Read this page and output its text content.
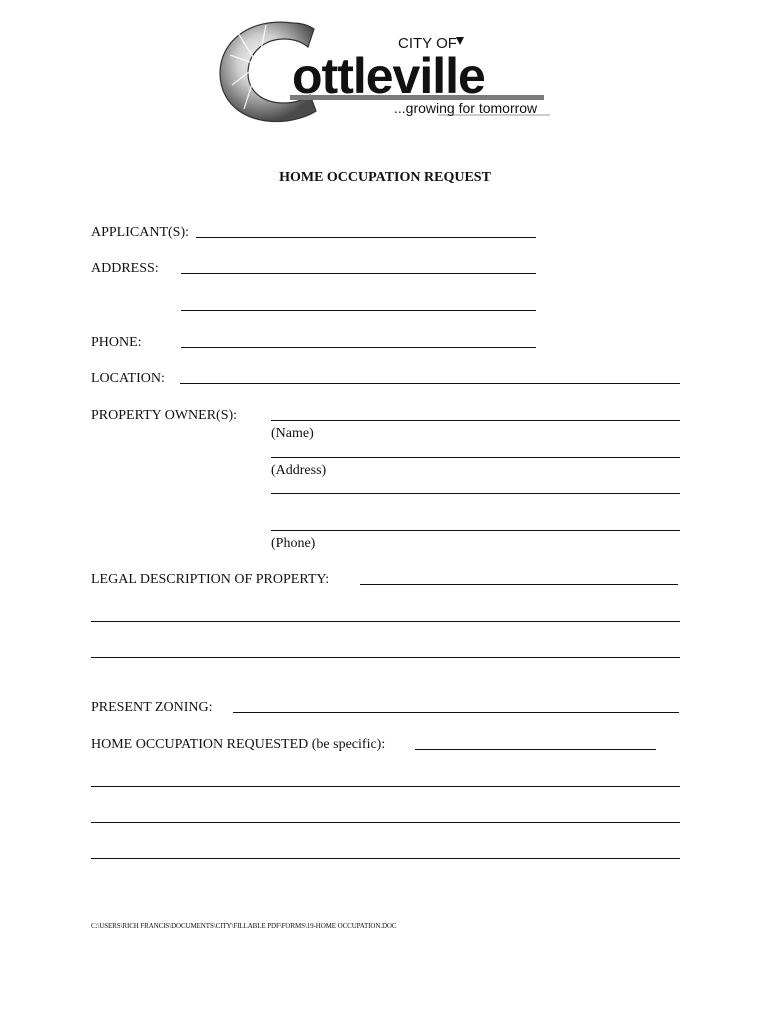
CITY OF
ottleville
...growing for tomorrow
HOME OCCUPATION REQUEST
APPLICANT(S):
ADDRESS:
PHONE:
LOCATION:
PROPERTY OWNER(S):
(Name)
(Address)
(Phone)
LEGAL DESCRIPTION OF PROPERTY:
PRESENT ZONING:
HOME OCCUPATION REQUESTED (be specific):
C:\USERS\RICH FRANCIS\DOCUMENTS\CITY\FILLABLE PDF\FORMS\19-HOME OCCUPATION.DOC
